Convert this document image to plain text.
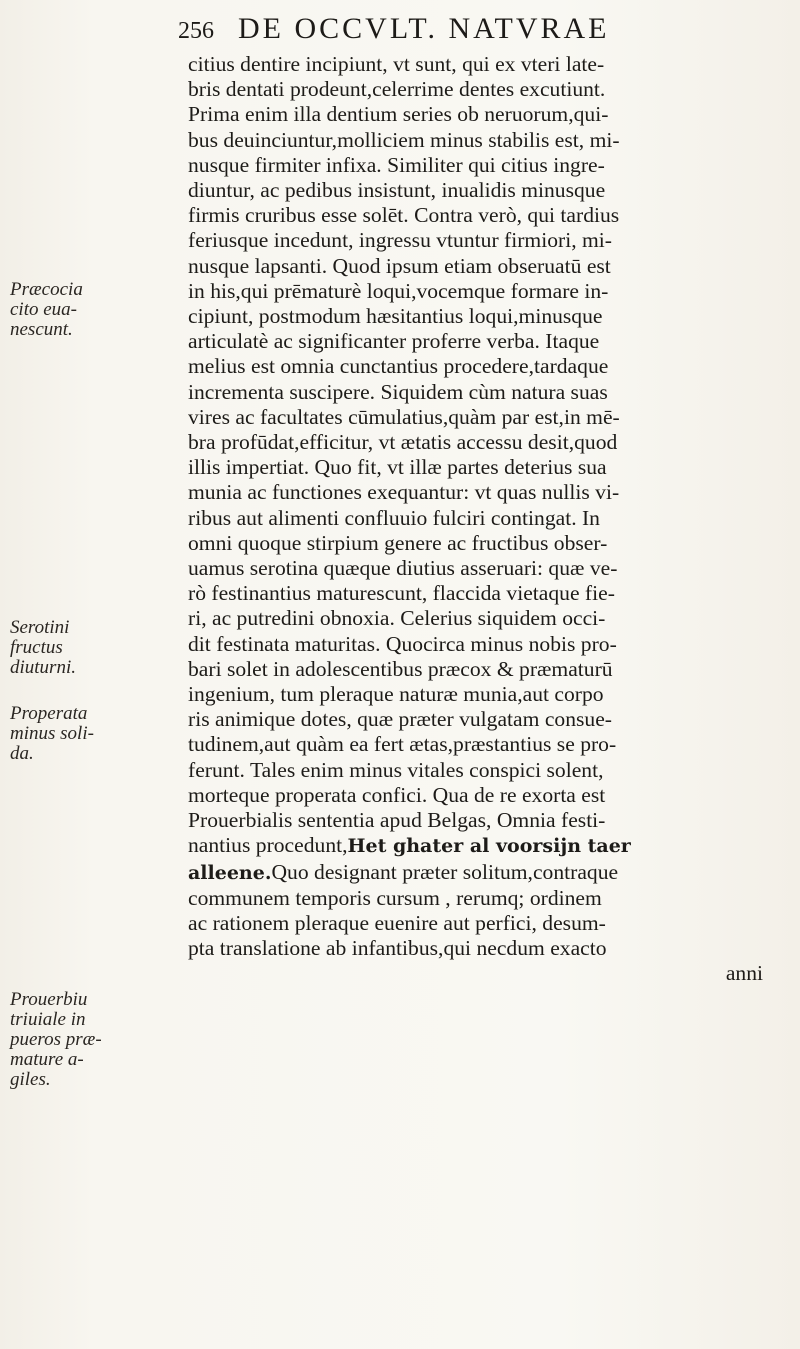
256 DE OCCVLT. NATVRAE
Præcocia
cito eua-
nescunt.
Serotini
fructus
diuturni.
Properata
minus soli-
da.
Prouerbiu
triuiale in
pueros præ-
mature a-
giles.
citius dentire incipiunt, vt sunt, qui ex vteri late-
bris dentati prodeunt,celerrime dentes excutiunt.
Prima enim illa dentium series ob neruorum,qui-
bus deuinciuntur,molliciem minus stabilis est, mi-
nusque firmiter infixa. Similiter qui citius ingre-
diuntur, ac pedibus insistunt, inualidis minusque
firmis cruribus esse solēt. Contra verò, qui tardius
feriusque incedunt, ingressu vtuntur firmiori, mi-
nusque lapsanti. Quod ipsum etiam obseruatū est
in his,qui prēmaturè loqui,vocemque formare in-
cipiunt, postmodum hæsitantius loqui,minusque
articulatè ac significanter proferre verba. Itaque
melius est omnia cunctantius procedere,tardaque
incrementa suscipere. Siquidem cùm natura suas
vires ac facultates cūmulatius,quàm par est,in mē-
bra profūdat,efficitur, vt ætatis accessu desit,quod
illis impertiat. Quo fit, vt illæ partes deterius sua
munia ac functiones exequantur: vt quas nullis vi-
ribus aut alimenti confluuio fulciri contingat. In
omni quoque stirpium genere ac fructibus obser-
uamus serotina quæque diutius asseruari: quæ ve-
rò festinantius maturescunt, flaccida vietaque fie-
ri, ac putredini obnoxia. Celerius siquidem occi-
dit festinata maturitas. Quocirca minus nobis pro-
bari solet in adolescentibus præcox & præmaturū
ingenium, tum pleraque naturæ munia,aut corpo
ris animique dotes, quæ præter vulgatam consue-
tudinem,aut quàm ea fert ætas,præstantius se pro-
ferunt. Tales enim minus vitales conspici solent,
morteque properata confici. Qua de re exorta est
Prouerbialis sententia apud Belgas, Omnia festi-
nantius procedunt,Het ghater al voorsijn taer
alleene.Quo designant præter solitum,contraque
communem temporis cursum , rerumq; ordinem
ac rationem pleraque euenire aut perfici, desum-
pta translatione ab infantibus,qui necdum exacto
anni
